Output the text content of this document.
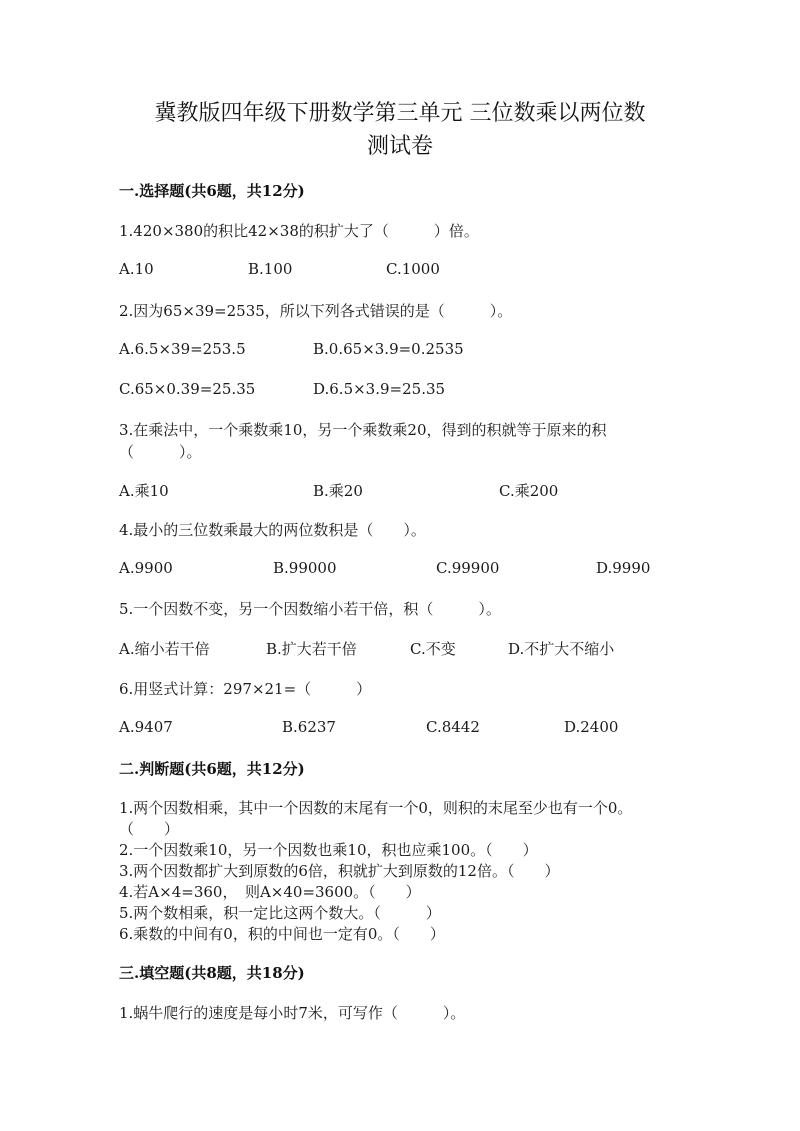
冀教版四年级下册数学第三单元 三位数乘以两位数
测试卷
一.选择题(共6题，共12分)
1.420×380的积比42×38的积扩大了（　　　）倍。
A.10	B.100	C.1000
2.因为65×39=2535，所以下列各式错误的是（　　　）。
A.6.5×39=253.5	B.0.65×3.9=0.2535
C.65×0.39=25.35	D.6.5×3.9=25.35
3.在乘法中，一个乘数乘10，另一个乘数乘20，得到的积就等于原来的积
（　　　）。
A.乘10	B.乘20	C.乘200
4.最小的三位数乘最大的两位数积是（　　）。
A.9900	B.99000	C.99900	D.9990
5.一个因数不变，另一个因数缩小若干倍，积（　　　）。
A.缩小若干倍	B.扩大若干倍	C.不变	D.不扩大不缩小
6.用竖式计算：297×21=（　　　）
A.9407	B.6237	C.8442	D.2400
二.判断题(共6题，共12分)
1.两个因数相乘，其中一个因数的末尾有一个0，则积的末尾至少也有一个0。
（　　）
2.一个因数乘10，另一个因数也乘10，积也应乘100。（　　）
3.两个因数都扩大到原数的6倍，积就扩大到原数的12倍。（　　）
4.若A×4=360，　则A×40=3600。（　　）
5.两个数相乘，积一定比这两个数大。（　　　）
6.乘数的中间有0，积的中间也一定有0。（　　）
三.填空题(共8题，共18分)
1.蜗牛爬行的速度是每小时7米，可写作（　　　）。
